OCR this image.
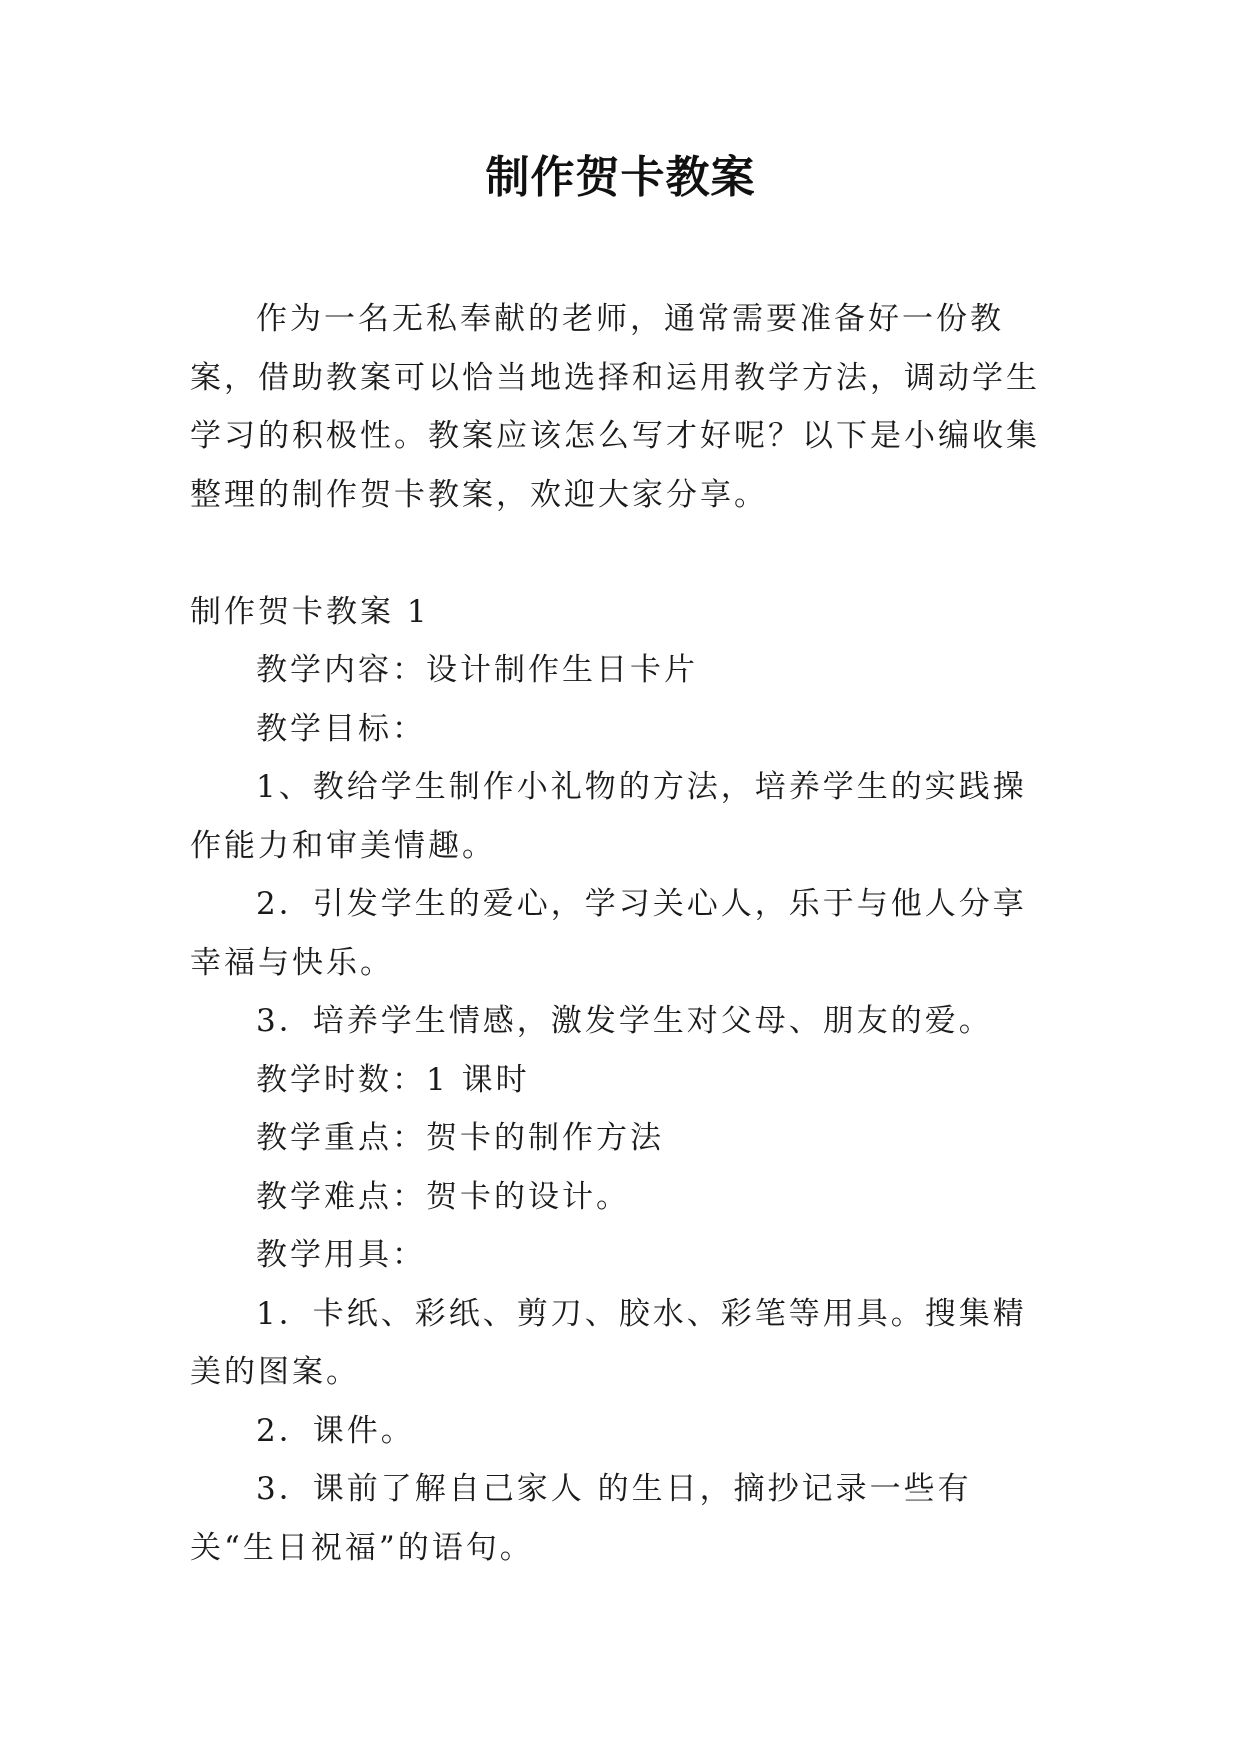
制作贺卡教案

作为一名无私奉献的老师，通常需要准备好一份教案，借助教案可以恰当地选择和运用教学方法，调动学生学习的积极性。教案应该怎么写才好呢？以下是小编收集整理的制作贺卡教案，欢迎大家分享。

制作贺卡教案 1

教学内容：设计制作生日卡片

教学目标：

1、教给学生制作小礼物的方法，培养学生的实践操作能力和审美情趣。

2．引发学生的爱心，学习关心人，乐于与他人分享幸福与快乐。

3．培养学生情感，激发学生对父母、朋友的爱。

教学时数：1 课时

教学重点：贺卡的制作方法

教学难点：贺卡的设计。

教学用具：

1．卡纸、彩纸、剪刀、胶水、彩笔等用具。搜集精美的图案。

2．课件。

3．课前了解自己家人 的生日，摘抄记录一些有关“生日祝福”的语句。
